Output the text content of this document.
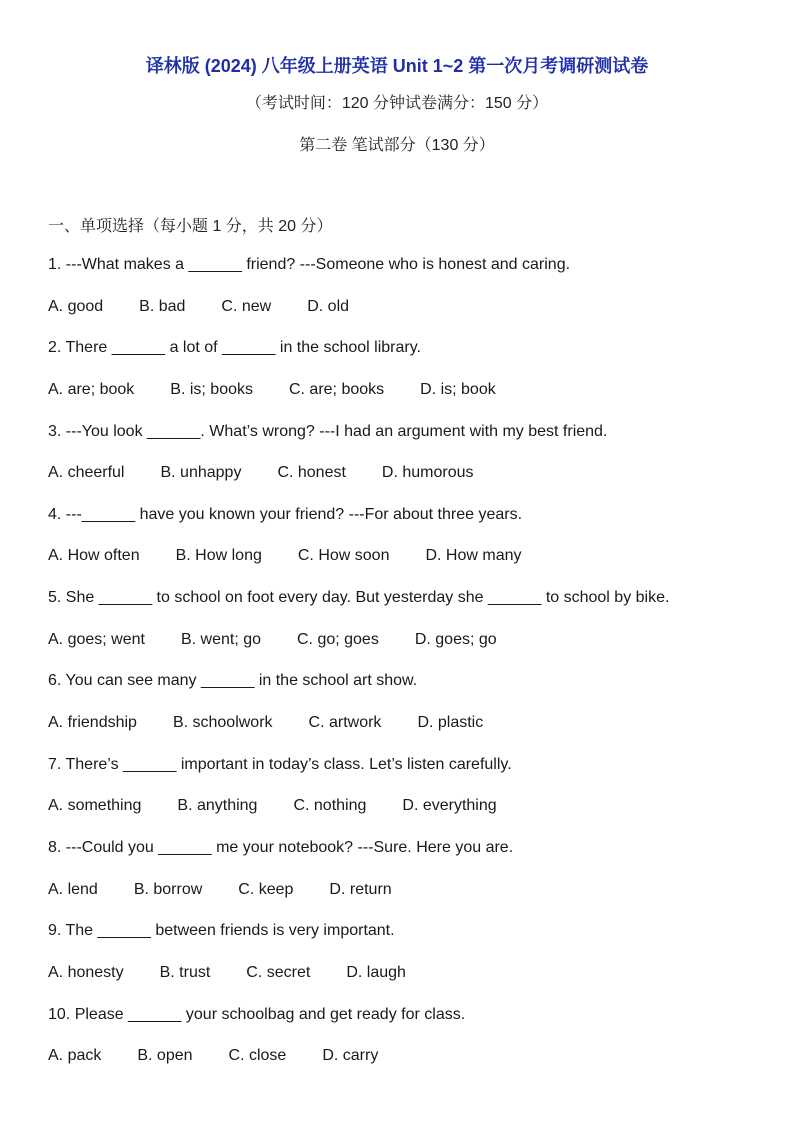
译林版 (2024) 八年级上册英语 Unit 1~2 第一次月考调研测试卷
（考试时间：120 分钟试卷满分：150 分）
第二卷 笔试部分（130 分）
一、单项选择（每小题 1 分，共 20 分）
1. ---What makes a ______ friend? ---Someone who is honest and caring.
A. good B. bad C. new D. old
2. There ______ a lot of ______ in the school library.
A. are; book B. is; books C. are; books D. is; book
3. ---You look ______. What’s wrong? ---I had an argument with my best friend.
A. cheerful B. unhappy C. honest D. humorous
4. ---______ have you known your friend? ---For about three years.
A. How often B. How long C. How soon D. How many
5. She ______ to school on foot every day. But yesterday she ______ to school by bike.
A. goes; went B. went; go C. go; goes D. goes; go
6. You can see many ______ in the school art show.
A. friendship B. schoolwork C. artwork D. plastic
7. There’s ______ important in today’s class. Let’s listen carefully.
A. something B. anything C. nothing D. everything
8. ---Could you ______ me your notebook? ---Sure. Here you are.
A. lend B. borrow C. keep D. return
9. The ______ between friends is very important.
A. honesty B. trust C. secret D. laugh
10. Please ______ your schoolbag and get ready for class.
A. pack B. open C. close D. carry
